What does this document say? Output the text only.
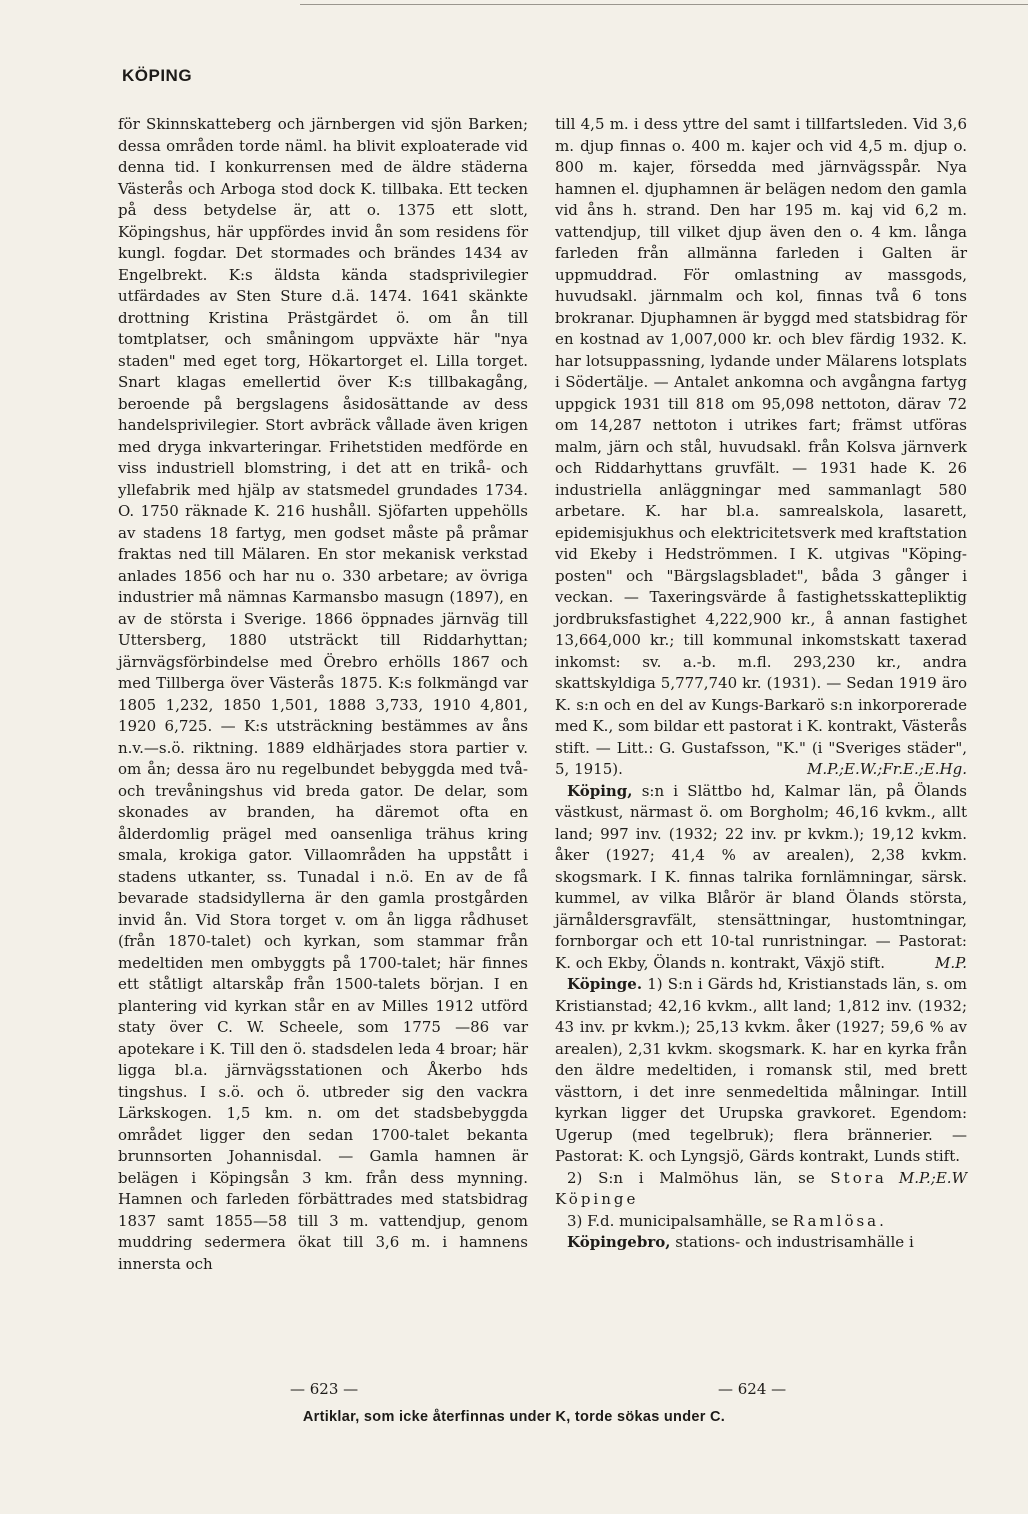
KÖPING

för Skinnskatteberg och järnbergen vid sjön Barken; dessa områden torde näml. ha blivit exploaterade vid denna tid. I konkurrensen med de äldre städerna Västerås och Arboga stod dock K. tillbaka. Ett tecken på dess betydelse är, att o. 1375 ett slott, Köpingshus, här uppfördes invid ån som residens för kungl. fogdar. Det stormades och brändes 1434 av Engelbrekt. K:s äldsta kända stadsprivilegier utfärdades av Sten Sture d.ä. 1474. 1641 skänkte drottning Kristina Prästgärdet ö. om ån till tomtplatser, och småningom uppväxte här "nya staden" med eget torg, Hökartorget el. Lilla torget. Snart klagas emellertid över K:s tillbakagång, beroende på bergslagens åsidosättande av dess handelsprivilegier. Stort avbräck vållade även krigen med dryga inkvarteringar. Frihetstiden medförde en viss industriell blomstring, i det att en trikå- och yllefabrik med hjälp av statsmedel grundades 1734. O. 1750 räknade K. 216 hushåll. Sjöfarten uppehölls av stadens 18 fartyg, men godset måste på pråmar fraktas ned till Mälaren. En stor mekanisk verkstad anlades 1856 och har nu o. 330 arbetare; av övriga industrier må nämnas Karmansbo masugn (1897), en av de största i Sverige. 1866 öppnades järnväg till Uttersberg, 1880 utsträckt till Riddarhyttan; järnvägsförbindelse med Örebro erhölls 1867 och med Tillberga över Västerås 1875. K:s folkmängd var 1805 1,232, 1850 1,501, 1888 3,733, 1910 4,801, 1920 6,725. — K:s utsträckning bestämmes av åns n.v.—s.ö. riktning. 1889 eldhärjades stora partier v. om ån; dessa äro nu regelbundet bebyggda med två- och trevåningshus vid breda gator. De delar, som skonades av branden, ha däremot ofta en ålderdomlig prägel med oansenliga trähus kring smala, krokiga gator. Villaområden ha uppstått i stadens utkanter, ss. Tunadal i n.ö. En av de få bevarade stadsidyllerna är den gamla prostgården invid ån. Vid Stora torget v. om ån ligga rådhuset (från 1870-talet) och kyrkan, som stammar från medeltiden men ombyggts på 1700-talet; här finnes ett ståtligt altarskåp från 1500-talets början. I en plantering vid kyrkan står en av Milles 1912 utförd staty över C. W. Scheele, som 1775 —86 var apotekare i K. Till den ö. stadsdelen leda 4 broar; här ligga bl.a. järnvägsstationen och Åkerbo hds tingshus. I s.ö. och ö. utbreder sig den vackra Lärkskogen. 1,5 km. n. om det stadsbebyggda området ligger den sedan 1700-talet bekanta brunnsorten Johannisdal. — Gamla hamnen är belägen i Köpingsån 3 km. från dess mynning. Hamnen och farleden förbättrades med statsbidrag 1837 samt 1855—58 till 3 m. vattendjup, genom muddring sedermera ökat till 3,6 m. i hamnens innersta och

till 4,5 m. i dess yttre del samt i tillfartsleden. Vid 3,6 m. djup finnas o. 400 m. kajer och vid 4,5 m. djup o. 800 m. kajer, försedda med järnvägsspår. Nya hamnen el. djuphamnen är belägen nedom den gamla vid åns h. strand. Den har 195 m. kaj vid 6,2 m. vattendjup, till vilket djup även den o. 4 km. långa farleden från allmänna farleden i Galten är uppmuddrad. För omlastning av massgods, huvudsakl. järnmalm och kol, finnas två 6 tons brokranar. Djuphamnen är byggd med statsbidrag för en kostnad av 1,007,000 kr. och blev färdig 1932. K. har lotsuppassning, lydande under Mälarens lotsplats i Södertälje. — Antalet ankomna och avgångna fartyg uppgick 1931 till 818 om 95,098 nettoton, därav 72 om 14,287 nettoton i utrikes fart; främst utföras malm, järn och stål, huvudsakl. från Kolsva järnverk och Riddarhyttans gruvfält. — 1931 hade K. 26 industriella anläggningar med sammanlagt 580 arbetare. K. har bl.a. samrealskola, lasarett, epidemisjukhus och elektricitetsverk med kraftstation vid Ekeby i Hedströmmen. I K. utgivas "Köping-posten" och "Bärgslagsbladet", båda 3 gånger i veckan. — Taxeringsvärde å fastighetsskattepliktig jordbruksfastighet 4,222,900 kr., å annan fastighet 13,664,000 kr.; till kommunal inkomstskatt taxerad inkomst: sv. a.-b. m.fl. 293,230 kr., andra skattskyldiga 5,777,740 kr. (1931). — Sedan 1919 äro K. s:n och en del av Kungs-Barkarö s:n inkorporerade med K., som bildar ett pastorat i K. kontrakt, Västerås stift. — Litt.: G. Gustafsson, "K." (i "Sveriges städer", 5, 1915).	M.P.;E.W.;Fr.E.;E.Hg.

Köping, s:n i Slättbo hd, Kalmar län, på Ölands västkust, närmast ö. om Borgholm; 46,16 kvkm., allt land; 997 inv. (1932; 22 inv. pr kvkm.); 19,12 kvkm. åker (1927; 41,4 % av arealen), 2,38 kvkm. skogsmark. I K. finnas talrika fornlämningar, särsk. kummel, av vilka Blårör är bland Ölands största, järnåldersgravfält, stensättningar, hustomtningar, fornborgar och ett 10-tal runristningar. — Pastorat: K. och Ekby, Ölands n. kontrakt, Växjö stift.	M.P.

Köpinge. 1) S:n i Gärds hd, Kristianstads län, s. om Kristianstad; 42,16 kvkm., allt land; 1,812 inv. (1932; 43 inv. pr kvkm.); 25,13 kvkm. åker (1927; 59,6 % av arealen), 2,31 kvkm. skogsmark. K. har en kyrka från den äldre medeltiden, i romansk stil, med brett västtorn, i det inre senmedeltida målningar. Intill kyrkan ligger det Urupska gravkoret. Egendom: Ugerup (med tegelbruk); flera brännerier. — Pastorat: K. och Lyngsjö, Gärds kontrakt, Lunds stift.
M.P.;E.W

2) S:n i Malmöhus län, se Stora Köpinge

3) F.d. municipalsamhälle, se Ramlösa.

Köpingebro, stations- och industrisamhälle i

— 623 —	— 624 —
Artiklar, som icke återfinnas under K, torde sökas under C.
